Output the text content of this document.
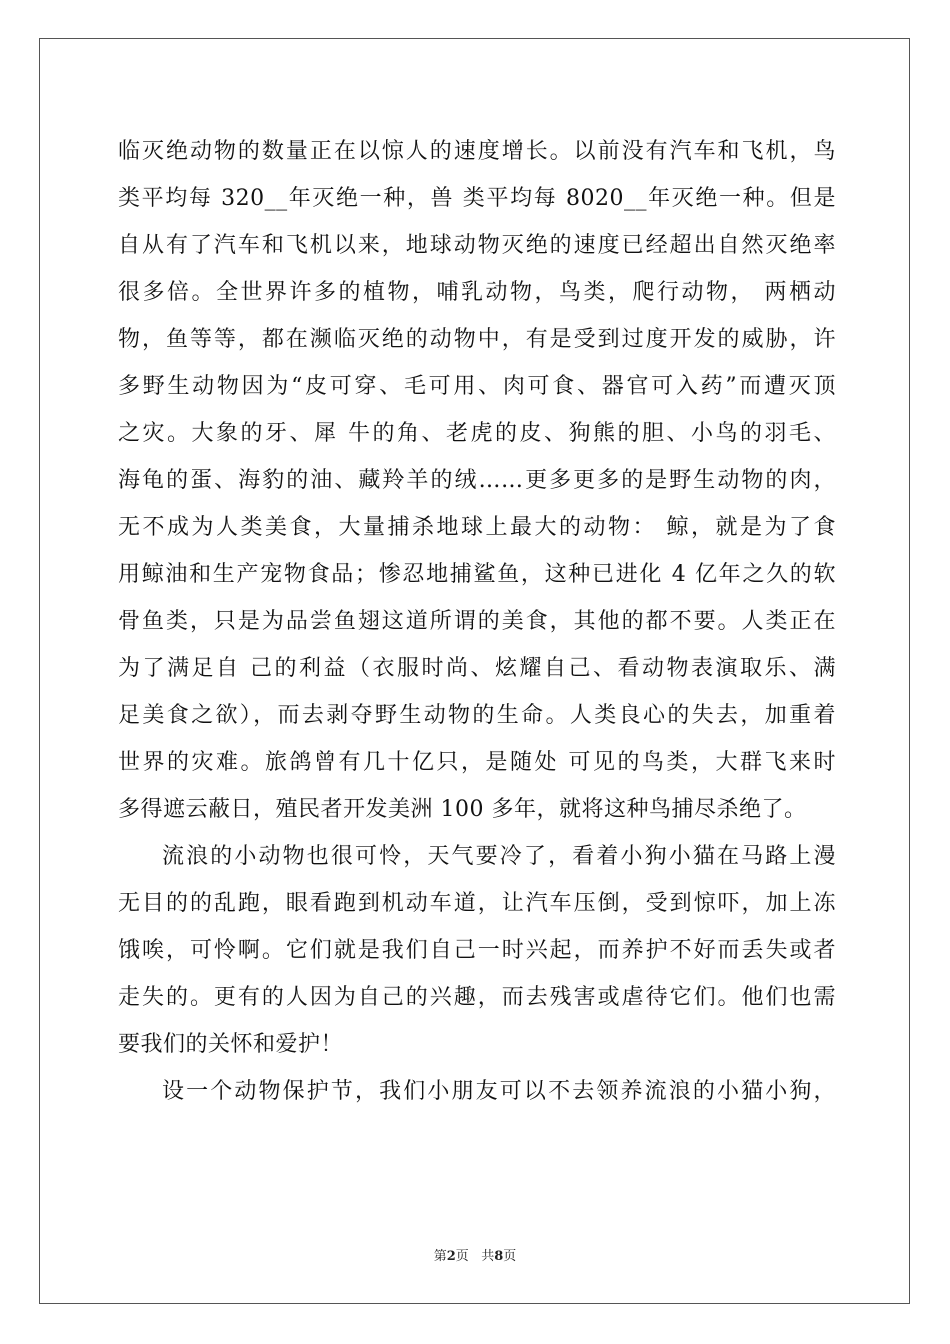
临灭绝动物的数量正在以惊人的速度增长。以前没有汽车和飞机，鸟
类平均每 320__年灭绝一种，兽 类平均每 8020__年灭绝一种。但是
自从有了汽车和飞机以来，地球动物灭绝的速度已经超出自然灭绝率
很多倍。全世界许多的植物，哺乳动物，鸟类，爬行动物， 两栖动
物，鱼等等，都在濒临灭绝的动物中，有是受到过度开发的威胁，许
多野生动物因为“皮可穿、毛可用、肉可食、器官可入药”而遭灭顶
之灾。大象的牙、犀 牛的角、老虎的皮、狗熊的胆、小鸟的羽毛、
海龟的蛋、海豹的油、藏羚羊的绒……更多更多的是野生动物的肉，
无不成为人类美食，大量捕杀地球上最大的动物： 鲸，就是为了食
用鲸油和生产宠物食品；惨忍地捕鲨鱼，这种已进化 4 亿年之久的软
骨鱼类，只是为品尝鱼翅这道所谓的美食，其他的都不要。人类正在
为了满足自 己的利益（衣服时尚、炫耀自己、看动物表演取乐、满
足美食之欲），而去剥夺野生动物的生命。人类良心的失去，加重着
世界的灾难。旅鸽曾有几十亿只，是随处 可见的鸟类，大群飞来时
多得遮云蔽日，殖民者开发美洲 100 多年，就将这种鸟捕尽杀绝了。
流浪的小动物也很可怜，天气要冷了，看着小狗小猫在马路上漫
无目的的乱跑，眼看跑到机动车道，让汽车压倒，受到惊吓，加上冻
饿唉，可怜啊。它们就是我们自己一时兴起，而养护不好而丢失或者
走失的。更有的人因为自己的兴趣，而去残害或虐待它们。他们也需
要我们的关怀和爱护！
设一个动物保护节，我们小朋友可以不去领养流浪的小猫小狗，
第2页 共8页
